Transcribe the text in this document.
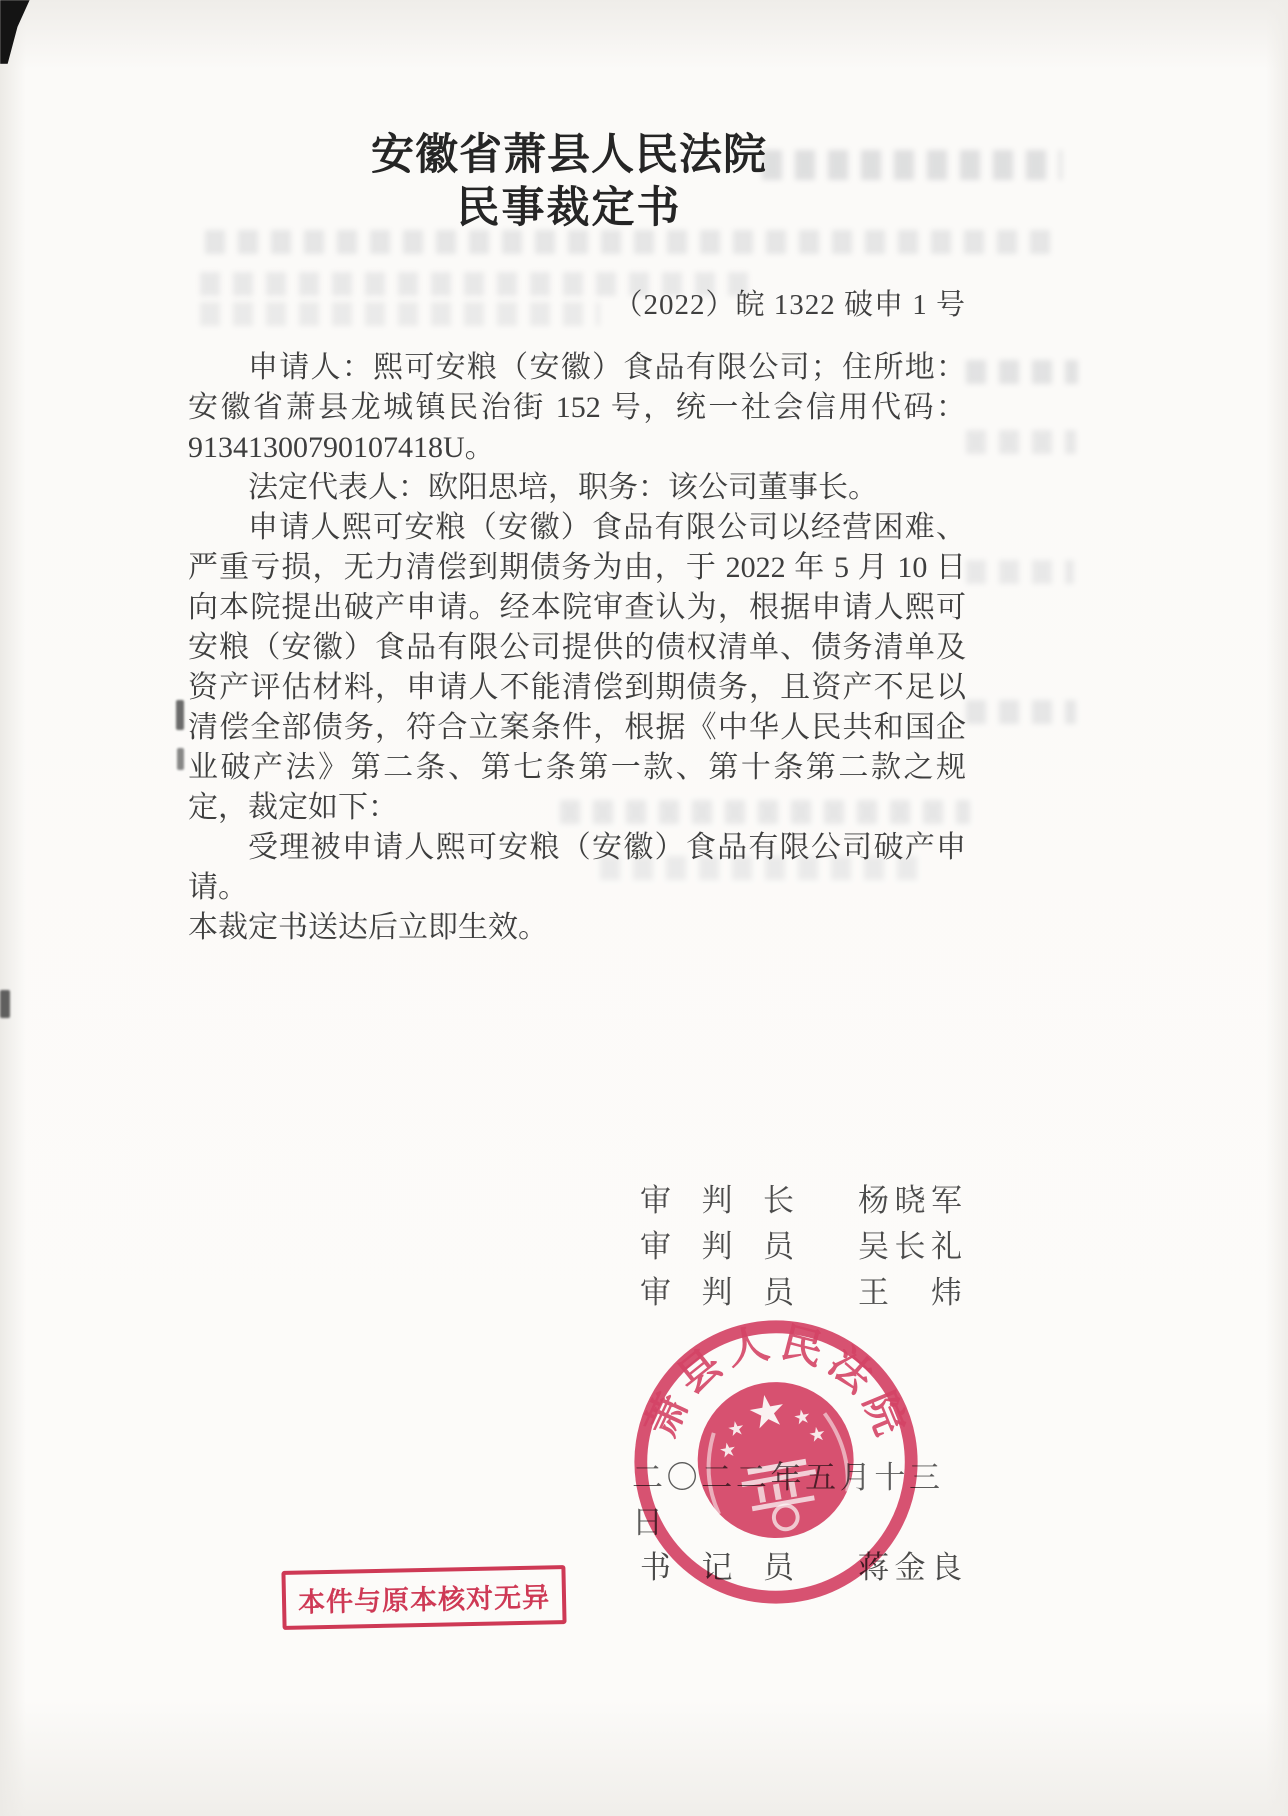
安徽省萧县人民法院
民事裁定书
（2022）皖 1322 破申 1 号

申请人：熙可安粮（安徽）食品有限公司；住所地：安徽省萧县龙城镇民治街 152 号，统一社会信用代码：91341300790107418U。

法定代表人：欧阳思培，职务：该公司董事长。

申请人熙可安粮（安徽）食品有限公司以经营困难、严重亏损，无力清偿到期债务为由，于 2022 年 5 月 10 日向本院提出破产申请。经本院审查认为，根据申请人熙可安粮（安徽）食品有限公司提供的债权清单、债务清单及资产评估材料，申请人不能清偿到期债务，且资产不足以清偿全部债务，符合立案条件，根据《中华人民共和国企业破产法》第二条、第七条第一款、第十条第二款之规定，裁定如下：

受理被申请人熙可安粮（安徽）食品有限公司破产申请。

本裁定书送达后立即生效。

审判长 杨晓军
审判员 吴长礼
审判员 王炜
萧县人民法院
二〇二二年五月十三日
书记员 蒋金良
本件与原本核对无异
